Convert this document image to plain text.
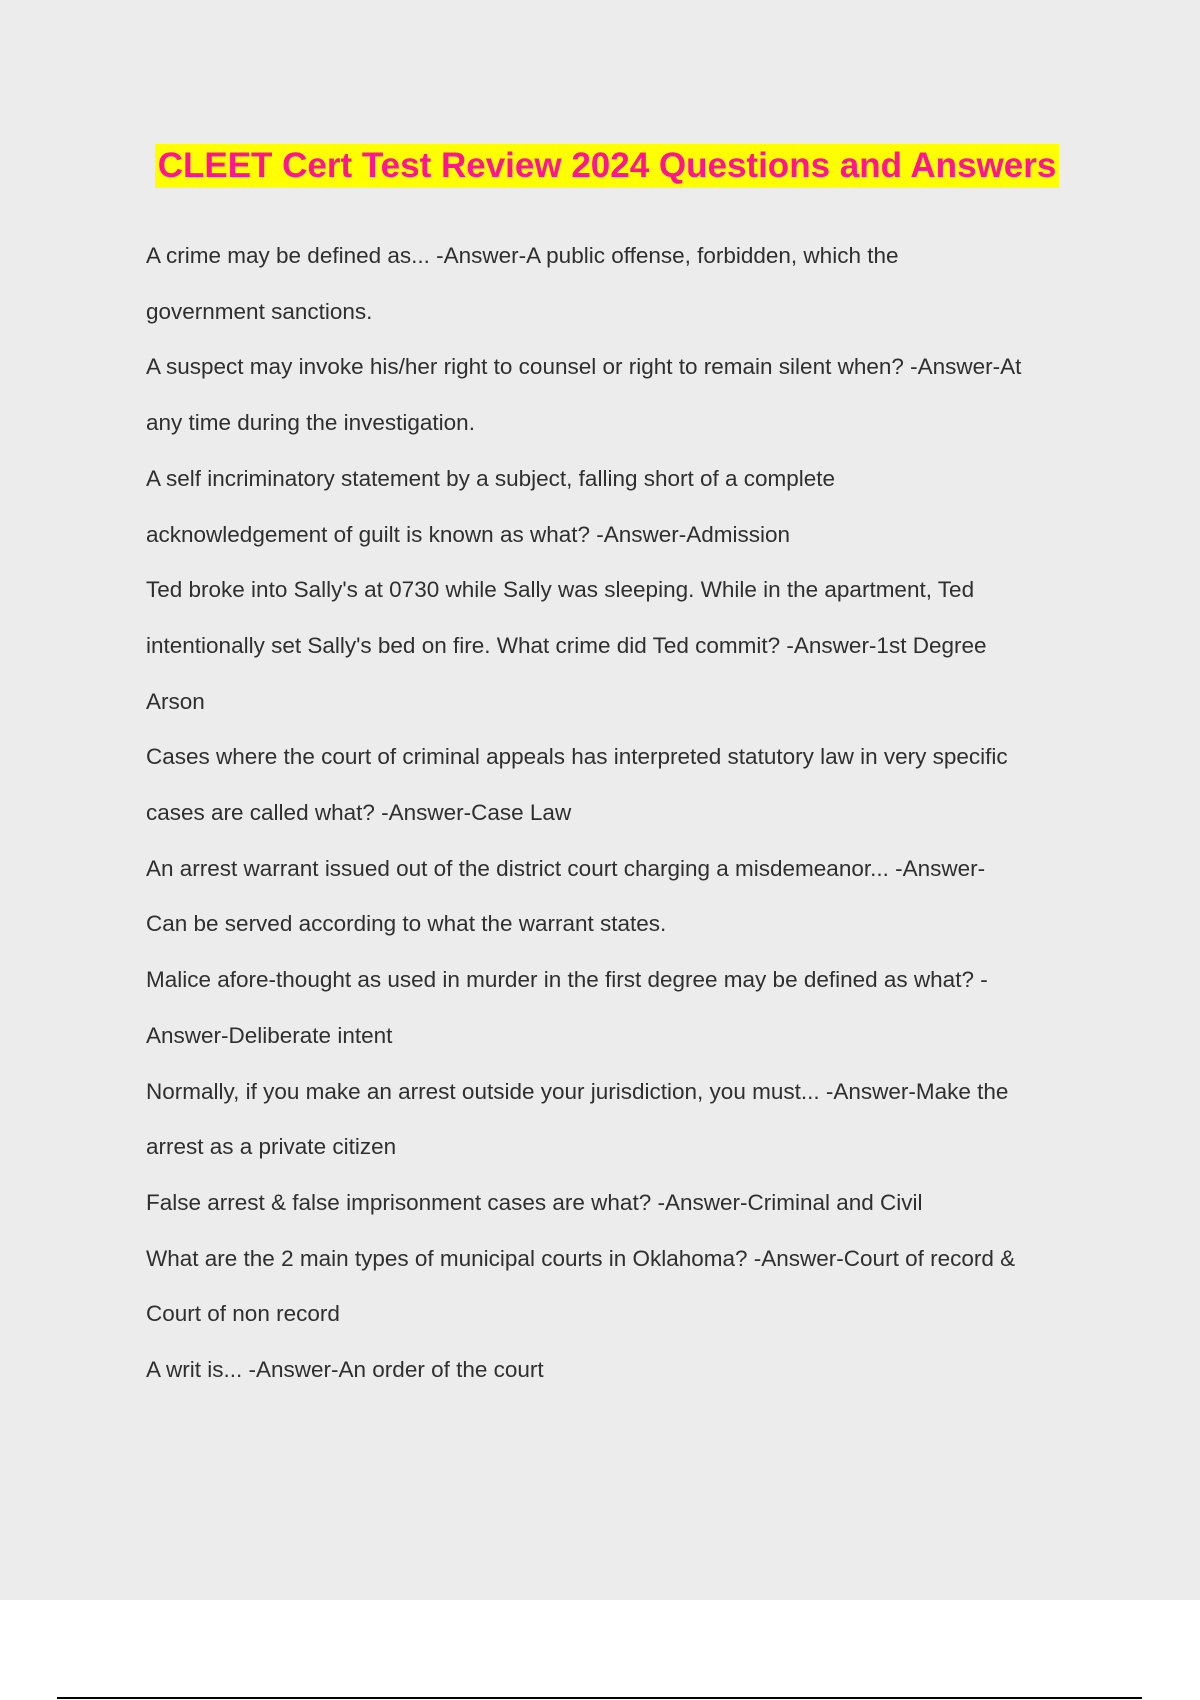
CLEET Cert Test Review 2024 Questions and Answers
A crime may be defined as... -Answer-A public offense, forbidden, which the
government sanctions.
A suspect may invoke his/her right to counsel or right to remain silent when? -Answer-At
any time during the investigation.
A self incriminatory statement by a subject, falling short of a complete
acknowledgement of guilt is known as what? -Answer-Admission
Ted broke into Sally's at 0730 while Sally was sleeping. While in the apartment, Ted
intentionally set Sally's bed on fire. What crime did Ted commit? -Answer-1st Degree
Arson
Cases where the court of criminal appeals has interpreted statutory law in very specific
cases are called what? -Answer-Case Law
An arrest warrant issued out of the district court charging a misdemeanor... -Answer-
Can be served according to what the warrant states.
Malice afore-thought as used in murder in the first degree may be defined as what? -
Answer-Deliberate intent
Normally, if you make an arrest outside your jurisdiction, you must... -Answer-Make the
arrest as a private citizen
False arrest & false imprisonment cases are what? -Answer-Criminal and Civil
What are the 2 main types of municipal courts in Oklahoma? -Answer-Court of record &
Court of non record
A writ is... -Answer-An order of the court
